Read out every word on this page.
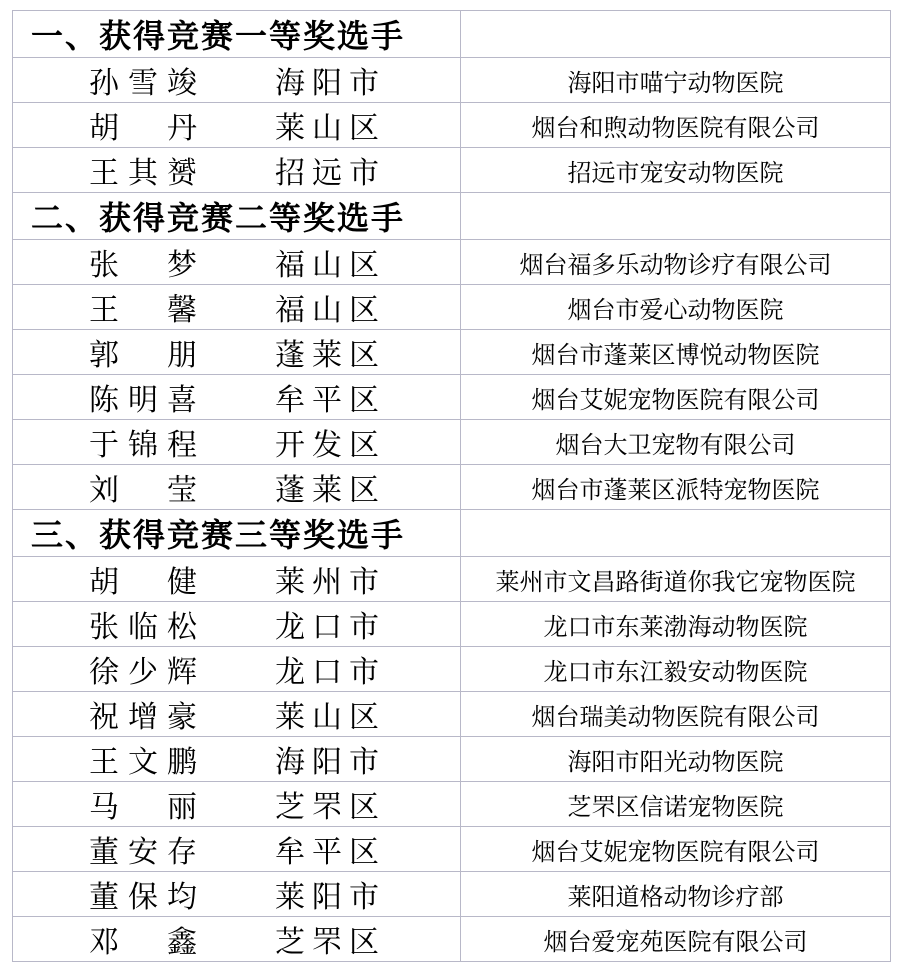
一、获得竞赛一等奖选手	
孙雪竣 海阳市	海阳市喵宁动物医院
胡丹 莱山区	烟台和煦动物医院有限公司
王其赟 招远市	招远市宠安动物医院
二、获得竞赛二等奖选手	
张梦 福山区	烟台福多乐动物诊疗有限公司
王馨 福山区	烟台市爱心动物医院
郭朋 蓬莱区	烟台市蓬莱区博悦动物医院
陈明喜 牟平区	烟台艾妮宠物医院有限公司
于锦程 开发区	烟台大卫宠物有限公司
刘莹 蓬莱区	烟台市蓬莱区派特宠物医院
三、获得竞赛三等奖选手	
胡健 莱州市	莱州市文昌路街道你我它宠物医院
张临松 龙口市	龙口市东莱渤海动物医院
徐少辉 龙口市	龙口市东江毅安动物医院
祝增豪 莱山区	烟台瑞美动物医院有限公司
王文鹏 海阳市	海阳市阳光动物医院
马丽 芝罘区	芝罘区信诺宠物医院
董安存 牟平区	烟台艾妮宠物医院有限公司
董保均 莱阳市	莱阳道格动物诊疗部
邓鑫 芝罘区	烟台爱宠苑医院有限公司
